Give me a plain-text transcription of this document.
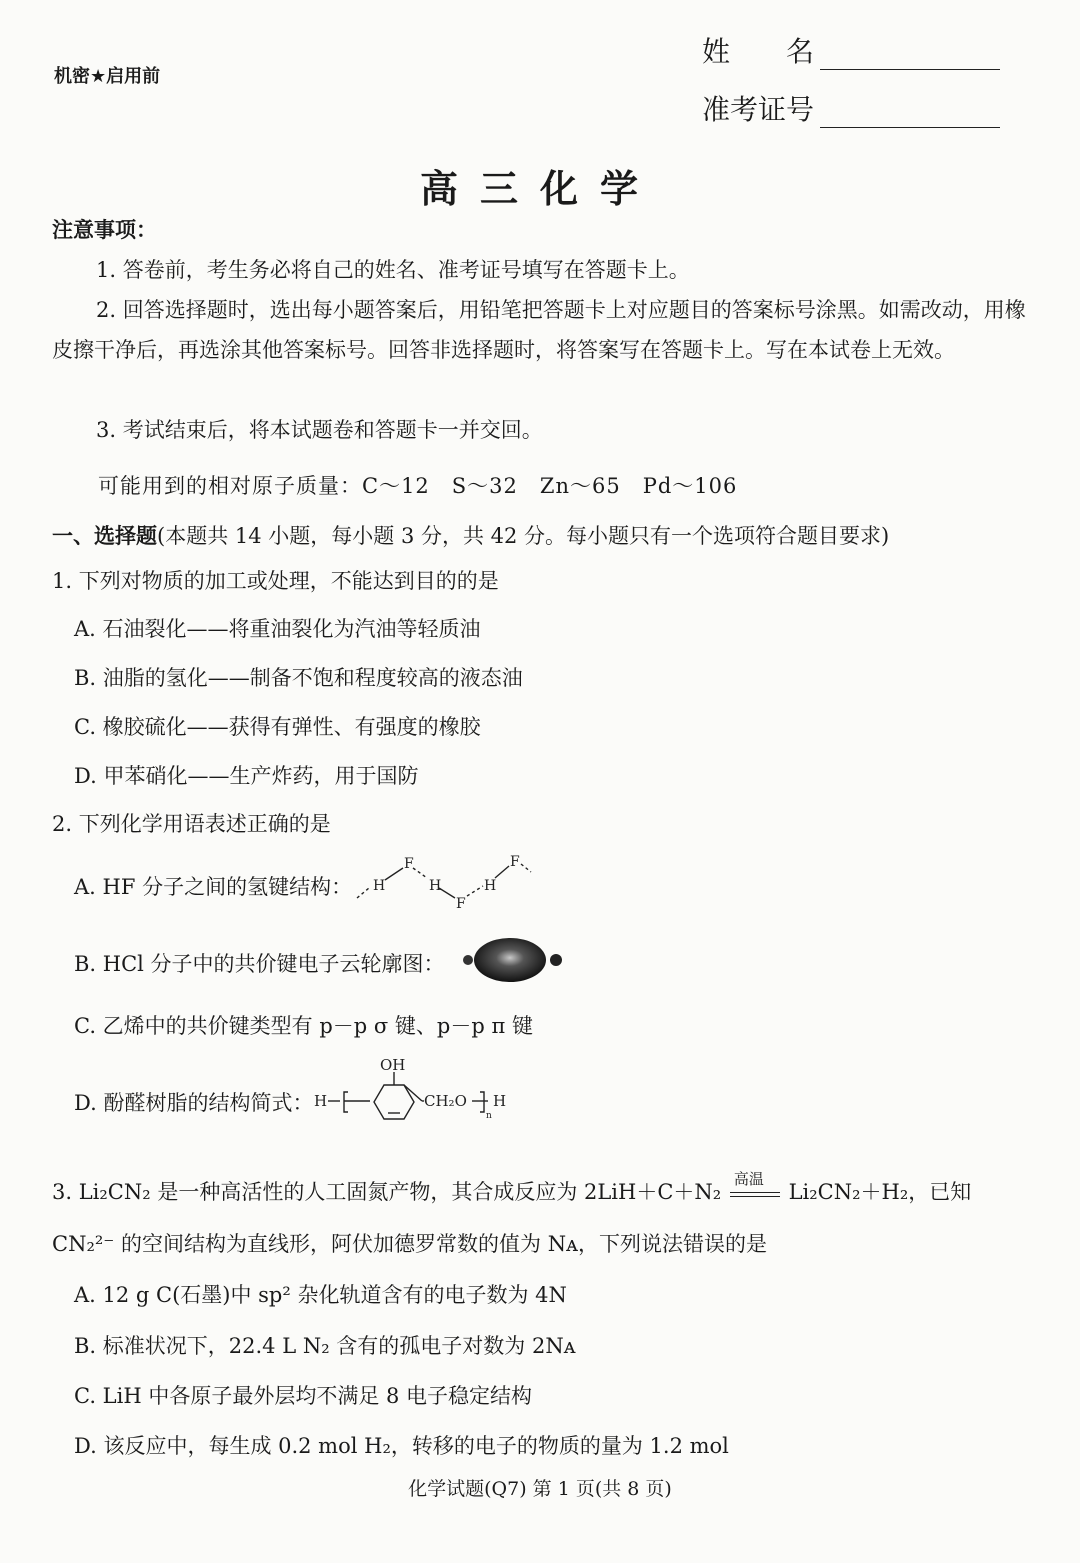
机密★启用前
姓　　名
准考证号
高三化学
注意事项：
1. 答卷前，考生务必将自己的姓名、准考证号填写在答题卡上。
2. 回答选择题时，选出每小题答案后，用铅笔把答题卡上对应题目的答案标号涂黑。如需改动，用橡皮擦干净后，再选涂其他答案标号。回答非选择题时，将答案写在答题卡上。写在本试卷上无效。
3. 考试结束后，将本试题卷和答题卡一并交回。
可能用到的相对原子质量：C～12　S～32　Zn～65　Pd～106
一、选择题(本题共 14 小题，每小题 3 分，共 42 分。每小题只有一个选项符合题目要求)
1. 下列对物质的加工或处理，不能达到目的的是
A. 石油裂化——将重油裂化为汽油等轻质油
B. 油脂的氢化——制备不饱和程度较高的液态油
C. 橡胶硫化——获得有弹性、有强度的橡胶
D. 甲苯硝化——生产炸药，用于国防
2. 下列化学用语表述正确的是
A. HF 分子之间的氢键结构： H
F
H
F
H
F
B. HCl 分子中的共价键电子云轮廓图：
C. 乙烯中的共价键类型有 p－p σ 键、p－p π 键
D. 酚醛树脂的结构简式： H
OH
CH₂O
n
H
3. Li₂CN₂ 是一种高活性的人工固氮产物，其合成反应为 2LiH＋C＋N₂
高温
Li₂CN₂＋H₂，已知
CN₂²⁻ 的空间结构为直线形，阿伏加德罗常数的值为 Nᴀ，下列说法错误的是
A. 12 g C(石墨)中 sp² 杂化轨道含有的电子数为 4N
B. 标准状况下，22.4 L N₂ 含有的孤电子对数为 2Nᴀ
C. LiH 中各原子最外层均不满足 8 电子稳定结构
D. 该反应中，每生成 0.2 mol H₂，转移的电子的物质的量为 1.2 mol
化学试题(Q7) 第 1 页(共 8 页)
